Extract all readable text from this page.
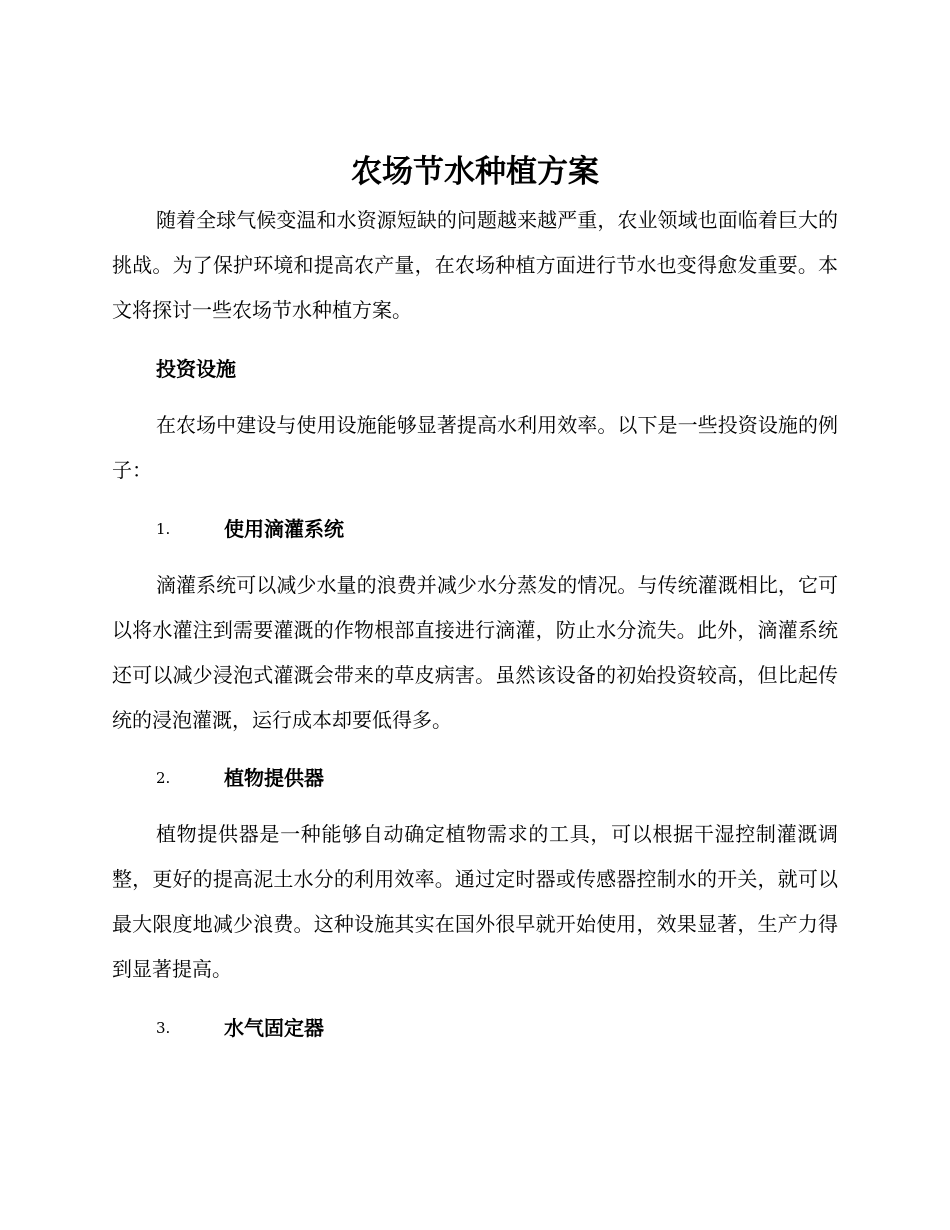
农场节水种植方案

随着全球气候变温和水资源短缺的问题越来越严重，农业领域也面临着巨大的挑战。为了保护环境和提高农产量，在农场种植方面进行节水也变得愈发重要。本文将探讨一些农场节水种植方案。

投资设施

在农场中建设与使用设施能够显著提高水利用效率。以下是一些投资设施的例子：

1.	使用滴灌系统

滴灌系统可以减少水量的浪费并减少水分蒸发的情况。与传统灌溉相比，它可以将水灌注到需要灌溉的作物根部直接进行滴灌，防止水分流失。此外，滴灌系统还可以减少浸泡式灌溉会带来的草皮病害。虽然该设备的初始投资较高，但比起传统的浸泡灌溉，运行成本却要低得多。

2.	植物提供器

植物提供器是一种能够自动确定植物需求的工具，可以根据干湿控制灌溉调整，更好的提高泥土水分的利用效率。通过定时器或传感器控制水的开关，就可以最大限度地减少浪费。这种设施其实在国外很早就开始使用，效果显著，生产力得到显著提高。

3.	水气固定器
